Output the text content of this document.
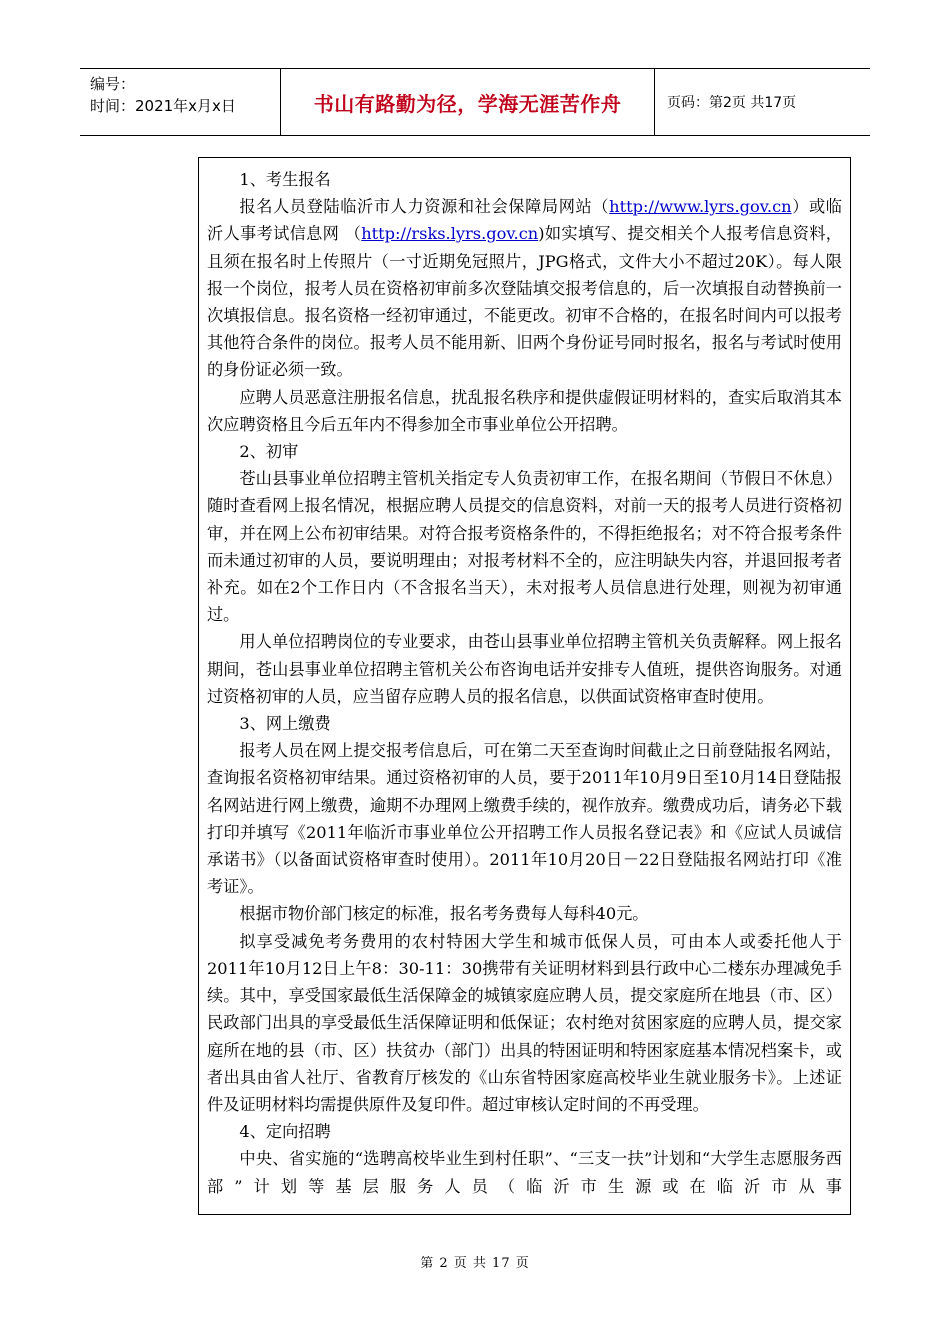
编号：
时间：2021年x月x日	书山有路勤为径，学海无涯苦作舟	页码：第2页 共17页

1、考生报名

报名人员登陆临沂市人力资源和社会保障局网站（http://www.lyrs.gov.cn）或临沂人事考试信息网 （http://rsks.lyrs.gov.cn)如实填写、提交相关个人报考信息资料，且须在报名时上传照片（一寸近期免冠照片，JPG格式，文件大小不超过20K）。每人限报一个岗位，报考人员在资格初审前多次登陆填交报考信息的，后一次填报自动替换前一次填报信息。报名资格一经初审通过，不能更改。初审不合格的，在报名时间内可以报考其他符合条件的岗位。报考人员不能用新、旧两个身份证号同时报名，报名与考试时使用的身份证必须一致。

应聘人员恶意注册报名信息，扰乱报名秩序和提供虚假证明材料的，查实后取消其本次应聘资格且今后五年内不得参加全市事业单位公开招聘。

2、初审

苍山县事业单位招聘主管机关指定专人负责初审工作，在报名期间（节假日不休息）随时查看网上报名情况，根据应聘人员提交的信息资料，对前一天的报考人员进行资格初审，并在网上公布初审结果。对符合报考资格条件的，不得拒绝报名；对不符合报考条件而未通过初审的人员，要说明理由；对报考材料不全的，应注明缺失内容，并退回报考者补充。如在2个工作日内（不含报名当天），未对报考人员信息进行处理，则视为初审通过。

用人单位招聘岗位的专业要求，由苍山县事业单位招聘主管机关负责解释。网上报名期间，苍山县事业单位招聘主管机关公布咨询电话并安排专人值班，提供咨询服务。对通过资格初审的人员，应当留存应聘人员的报名信息，以供面试资格审查时使用。

3、网上缴费

报考人员在网上提交报考信息后，可在第二天至查询时间截止之日前登陆报名网站，查询报名资格初审结果。通过资格初审的人员，要于2011年10月9日至10月14日登陆报名网站进行网上缴费，逾期不办理网上缴费手续的，视作放弃。缴费成功后，请务必下载打印并填写《2011年临沂市事业单位公开招聘工作人员报名登记表》和《应试人员诚信承诺书》（以备面试资格审查时使用）。2011年10月20日－22日登陆报名网站打印《准考证》。

根据市物价部门核定的标准，报名考务费每人每科40元。

拟享受减免考务费用的农村特困大学生和城市低保人员，可由本人或委托他人于2011年10月12日上午8：30-11：30携带有关证明材料到县行政中心二楼东办理减免手续。其中，享受国家最低生活保障金的城镇家庭应聘人员，提交家庭所在地县（市、区）民政部门出具的享受最低生活保障证明和低保证；农村绝对贫困家庭的应聘人员，提交家庭所在地的县（市、区）扶贫办（部门）出具的特困证明和特困家庭基本情况档案卡，或者出具由省人社厅、省教育厅核发的《山东省特困家庭高校毕业生就业服务卡》。上述证件及证明材料均需提供原件及复印件。超过审核认定时间的不再受理。

4、定向招聘

中央、省实施的“选聘高校毕业生到村任职”、“三支一扶”计划和“大学生志愿服务西部”计划等基层服务人员（临沂市生源或在临沂市从事

第 2 页 共 17 页
